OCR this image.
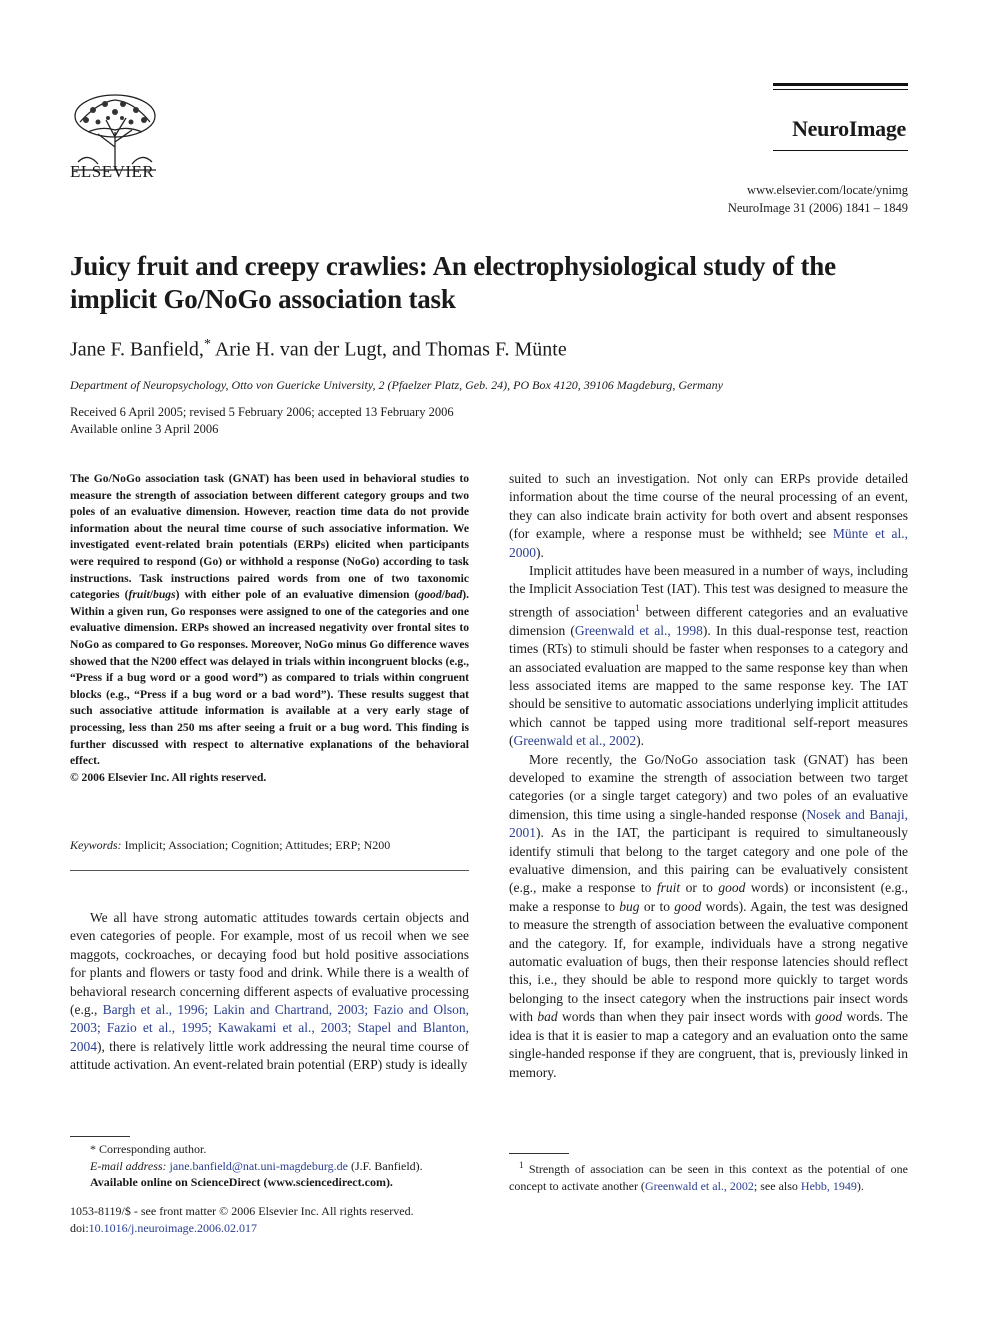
ELSEVIER
NeuroImage
www.elsevier.com/locate/ynimg
NeuroImage 31 (2006) 1841 – 1849
Juicy fruit and creepy crawlies: An electrophysiological study of the
implicit Go/NoGo association task
Jane F. Banfield,* Arie H. van der Lugt, and Thomas F. Münte
Department of Neuropsychology, Otto von Guericke University, 2 (Pfaelzer Platz, Geb. 24), PO Box 4120, 39106 Magdeburg, Germany
Received 6 April 2005; revised 5 February 2006; accepted 13 February 2006
Available online 3 April 2006

The Go/NoGo association task (GNAT) has been used in behavioral studies to measure the strength of association between different category groups and two poles of an evaluative dimension. However, reaction time data do not provide information about the neural time course of such associative information. We investigated event-related brain potentials (ERPs) elicited when participants were required to respond (Go) or withhold a response (NoGo) according to task instructions. Task instructions paired words from one of two taxonomic categories (fruit/bugs) with either pole of an evaluative dimension (good/bad). Within a given run, Go responses were assigned to one of the categories and one evaluative dimension. ERPs showed an increased negativity over frontal sites to NoGo as compared to Go responses. Moreover, NoGo minus Go difference waves showed that the N200 effect was delayed in trials within incongruent blocks (e.g., “Press if a bug word or a good word”) as compared to trials within congruent blocks (e.g., “Press if a bug word or a bad word”). These results suggest that such associative attitude information is available at a very early stage of processing, less than 250 ms after seeing a fruit or a bug word. This finding is further discussed with respect to alternative explanations of the behavioral effect.

© 2006 Elsevier Inc. All rights reserved.

Keywords: Implicit; Association; Cognition; Attitudes; ERP; N200

We all have strong automatic attitudes towards certain objects and even categories of people. For example, most of us recoil when we see maggots, cockroaches, or decaying food but hold positive associations for plants and flowers or tasty food and drink. While there is a wealth of behavioral research concerning different aspects of evaluative processing (e.g., Bargh et al., 1996; Lakin and Chartrand, 2003; Fazio and Olson, 2003; Fazio et al., 1995; Kawakami et al., 2003; Stapel and Blanton, 2004), there is relatively little work addressing the neural time course of attitude activation. An event-related brain potential (ERP) study is ideally

suited to such an investigation. Not only can ERPs provide detailed information about the time course of the neural processing of an event, they can also indicate brain activity for both overt and absent responses (for example, where a response must be withheld; see Münte et al., 2000).

Implicit attitudes have been measured in a number of ways, including the Implicit Association Test (IAT). This test was designed to measure the strength of association$^1$ between different categories and an evaluative dimension (Greenwald et al., 1998). In this dual-response test, reaction times (RTs) to stimuli should be faster when responses to a category and an associated evaluation are mapped to the same response key than when less associated items are mapped to the same response key. The IAT should be sensitive to automatic associations underlying implicit attitudes which cannot be tapped using more traditional self-report measures (Greenwald et al., 2002).

More recently, the Go/NoGo association task (GNAT) has been developed to examine the strength of association between two target categories (or a single target category) and two poles of an evaluative dimension, this time using a single-handed response (Nosek and Banaji, 2001). As in the IAT, the participant is required to simultaneously identify stimuli that belong to the target category and one pole of the evaluative dimension, and this pairing can be evaluatively consistent (e.g., make a response to fruit or to good words) or inconsistent (e.g., make a response to bug or to good words). Again, the test was designed to measure the strength of association between the evaluative component and the category. If, for example, individuals have a strong negative automatic evaluation of bugs, then their response latencies should reflect this, i.e., they should be able to respond more quickly to target words belonging to the insect category when the instructions pair insect words with bad words than when they pair insect words with good words. The idea is that it is easier to map a category and an evaluation onto the same single-handed response if they are congruent, that is, previously linked in memory.

* Corresponding author.
E-mail address: jane.banfield@nat.uni-magdeburg.de (J.F. Banfield).
Available online on ScienceDirect (www.sciencedirect.com).
1053-8119/$ - see front matter © 2006 Elsevier Inc. All rights reserved.
doi:10.1016/j.neuroimage.2006.02.017
$^1$ Strength of association can be seen in this context as the potential of one concept to activate another (Greenwald et al., 2002; see also Hebb, 1949).
